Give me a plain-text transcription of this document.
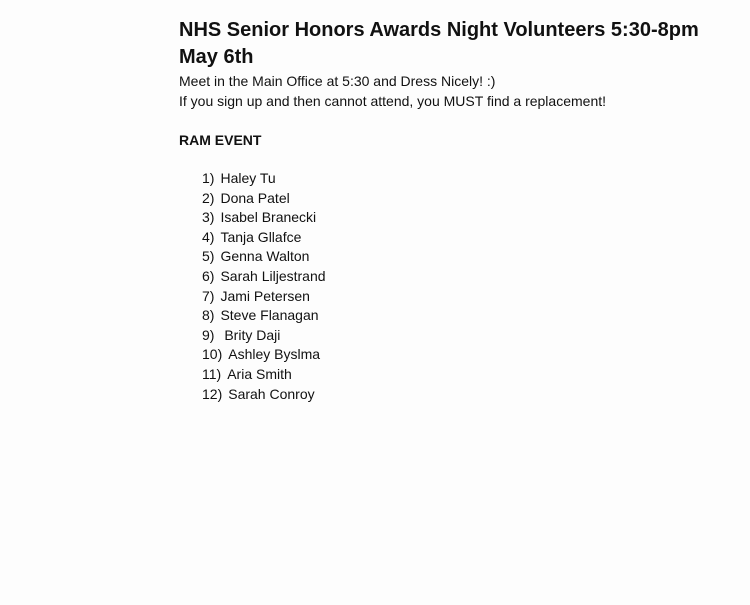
NHS Senior Honors Awards Night Volunteers 5:30-8pm May 6th
Meet in the Main Office at 5:30 and Dress Nicely! :)
If you sign up and then cannot attend, you MUST find a replacement!
RAM EVENT
1) Haley Tu
2) Dona Patel
3) Isabel Branecki
4) Tanja Gllafce
5) Genna Walton
6) Sarah Liljestrand
7) Jami Petersen
8) Steve Flanagan
9) Brity Daji
10) Ashley Byslma
11) Aria Smith
12) Sarah Conroy
